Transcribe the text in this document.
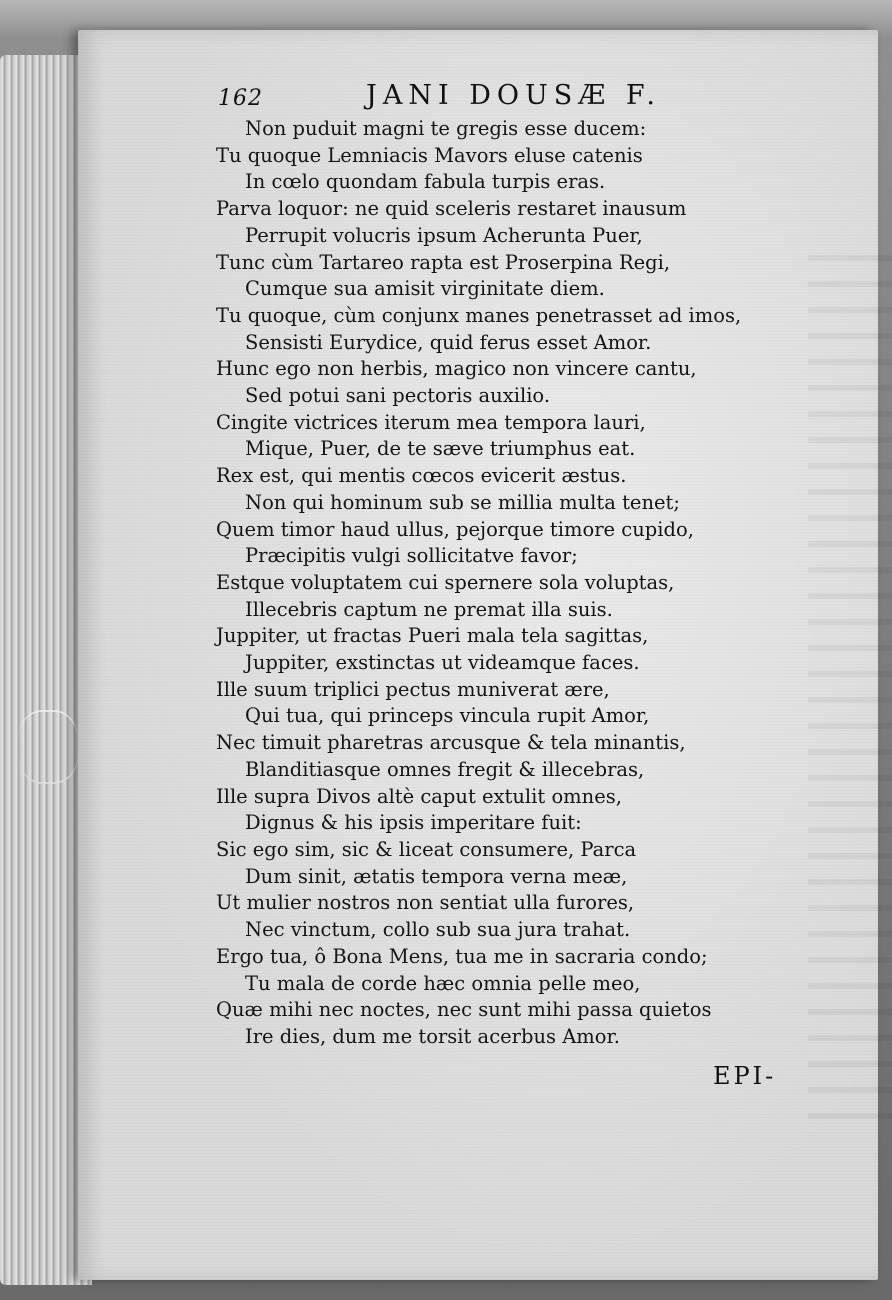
162	JANI DOUSÆ F.
Non puduit magni te gregis esse ducem:
Tu quoque Lemniacis Mavors eluse catenis
In cœlo quondam fabula turpis eras.
Parva loquor: ne quid sceleris restaret inausum
Perrupit volucris ipsum Acherunta Puer,
Tunc cùm Tartareo rapta est Proserpina Regi,
Cumque sua amisit virginitate diem.
Tu quoque, cùm conjunx manes penetrasset ad imos,
Sensisti Eurydice, quid ferus esset Amor.
Hunc ego non herbis, magico non vincere cantu,
Sed potui sani pectoris auxilio.
Cingite victrices iterum mea tempora lauri,
Mique, Puer, de te sæve triumphus eat.
Rex est, qui mentis cœcos evicerit æstus.
Non qui hominum sub se millia multa tenet;
Quem timor haud ullus, pejorque timore cupido,
Præcipitis vulgi sollicitatve favor;
Estque voluptatem cui spernere sola voluptas,
Illecebris captum ne premat illa suis.
Juppiter, ut fractas Pueri mala tela sagittas,
Juppiter, exstinctas ut videamque faces.
Ille suum triplici pectus muniverat ære,
Qui tua, qui princeps vincula rupit Amor,
Nec timuit pharetras arcusque & tela minantis,
Blanditiasque omnes fregit & illecebras,
Ille supra Divos altè caput extulit omnes,
Dignus & his ipsis imperitare fuit:
Sic ego sim, sic & liceat consumere, Parca
Dum sinit, ætatis tempora verna meæ,
Ut mulier nostros non sentiat ulla furores,
Nec vinctum, collo sub sua jura trahat.
Ergo tua, ô Bona Mens, tua me in sacraria condo;
Tu mala de corde hæc omnia pelle meo,
Quæ mihi nec noctes, nec sunt mihi passa quietos
Ire dies, dum me torsit acerbus Amor.
EPI-
